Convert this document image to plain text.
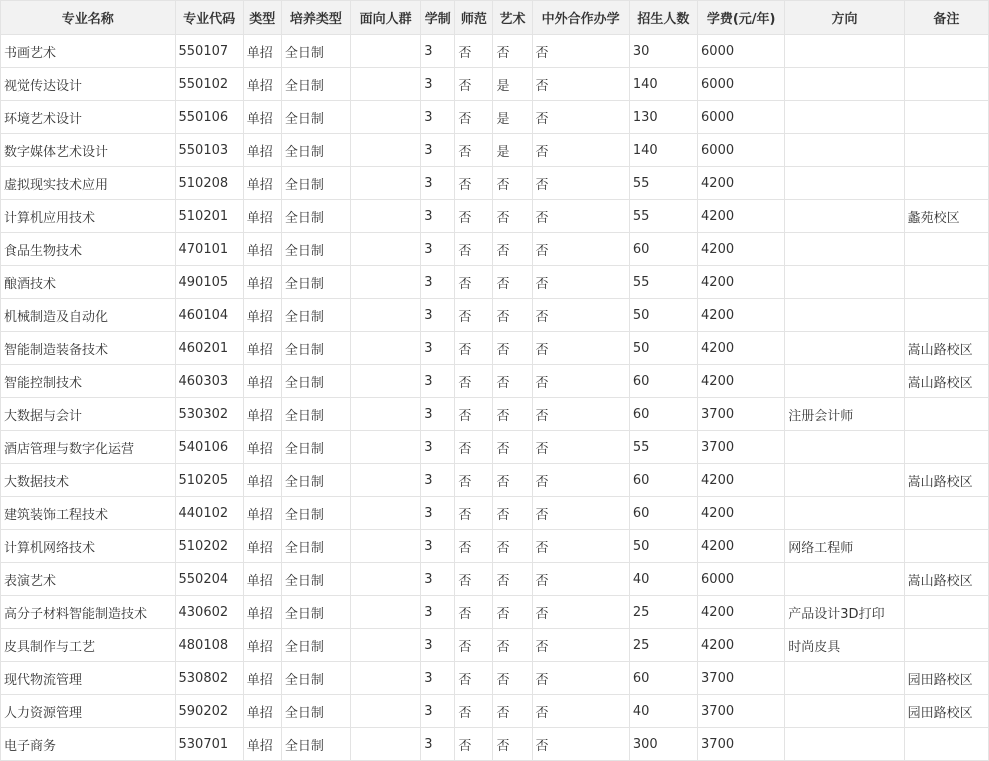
专业名称	专业代码	类型	培养类型	面向人群	学制	师范	艺术	中外合作办学	招生人数	学费(元/年)	方向	备注
书画艺术	550107	单招	全日制		3	否	否	否	30	6000		
视觉传达设计	550102	单招	全日制		3	否	是	否	140	6000		
环境艺术设计	550106	单招	全日制		3	否	是	否	130	6000		
数字媒体艺术设计	550103	单招	全日制		3	否	是	否	140	6000		
虚拟现实技术应用	510208	单招	全日制		3	否	否	否	55	4200		
计算机应用技术	510201	单招	全日制		3	否	否	否	55	4200		蠡苑校区
食品生物技术	470101	单招	全日制		3	否	否	否	60	4200		
酿酒技术	490105	单招	全日制		3	否	否	否	55	4200		
机械制造及自动化	460104	单招	全日制		3	否	否	否	50	4200		
智能制造装备技术	460201	单招	全日制		3	否	否	否	50	4200		嵩山路校区
智能控制技术	460303	单招	全日制		3	否	否	否	60	4200		嵩山路校区
大数据与会计	530302	单招	全日制		3	否	否	否	60	3700	注册会计师	
酒店管理与数字化运营	540106	单招	全日制		3	否	否	否	55	3700		
大数据技术	510205	单招	全日制		3	否	否	否	60	4200		嵩山路校区
建筑装饰工程技术	440102	单招	全日制		3	否	否	否	60	4200		
计算机网络技术	510202	单招	全日制		3	否	否	否	50	4200	网络工程师	
表演艺术	550204	单招	全日制		3	否	否	否	40	6000		嵩山路校区
高分子材料智能制造技术	430602	单招	全日制		3	否	否	否	25	4200	产品设计3D打印	
皮具制作与工艺	480108	单招	全日制		3	否	否	否	25	4200	时尚皮具	
现代物流管理	530802	单招	全日制		3	否	否	否	60	3700		园田路校区
人力资源管理	590202	单招	全日制		3	否	否	否	40	3700		园田路校区
电子商务	530701	单招	全日制		3	否	否	否	300	3700		
